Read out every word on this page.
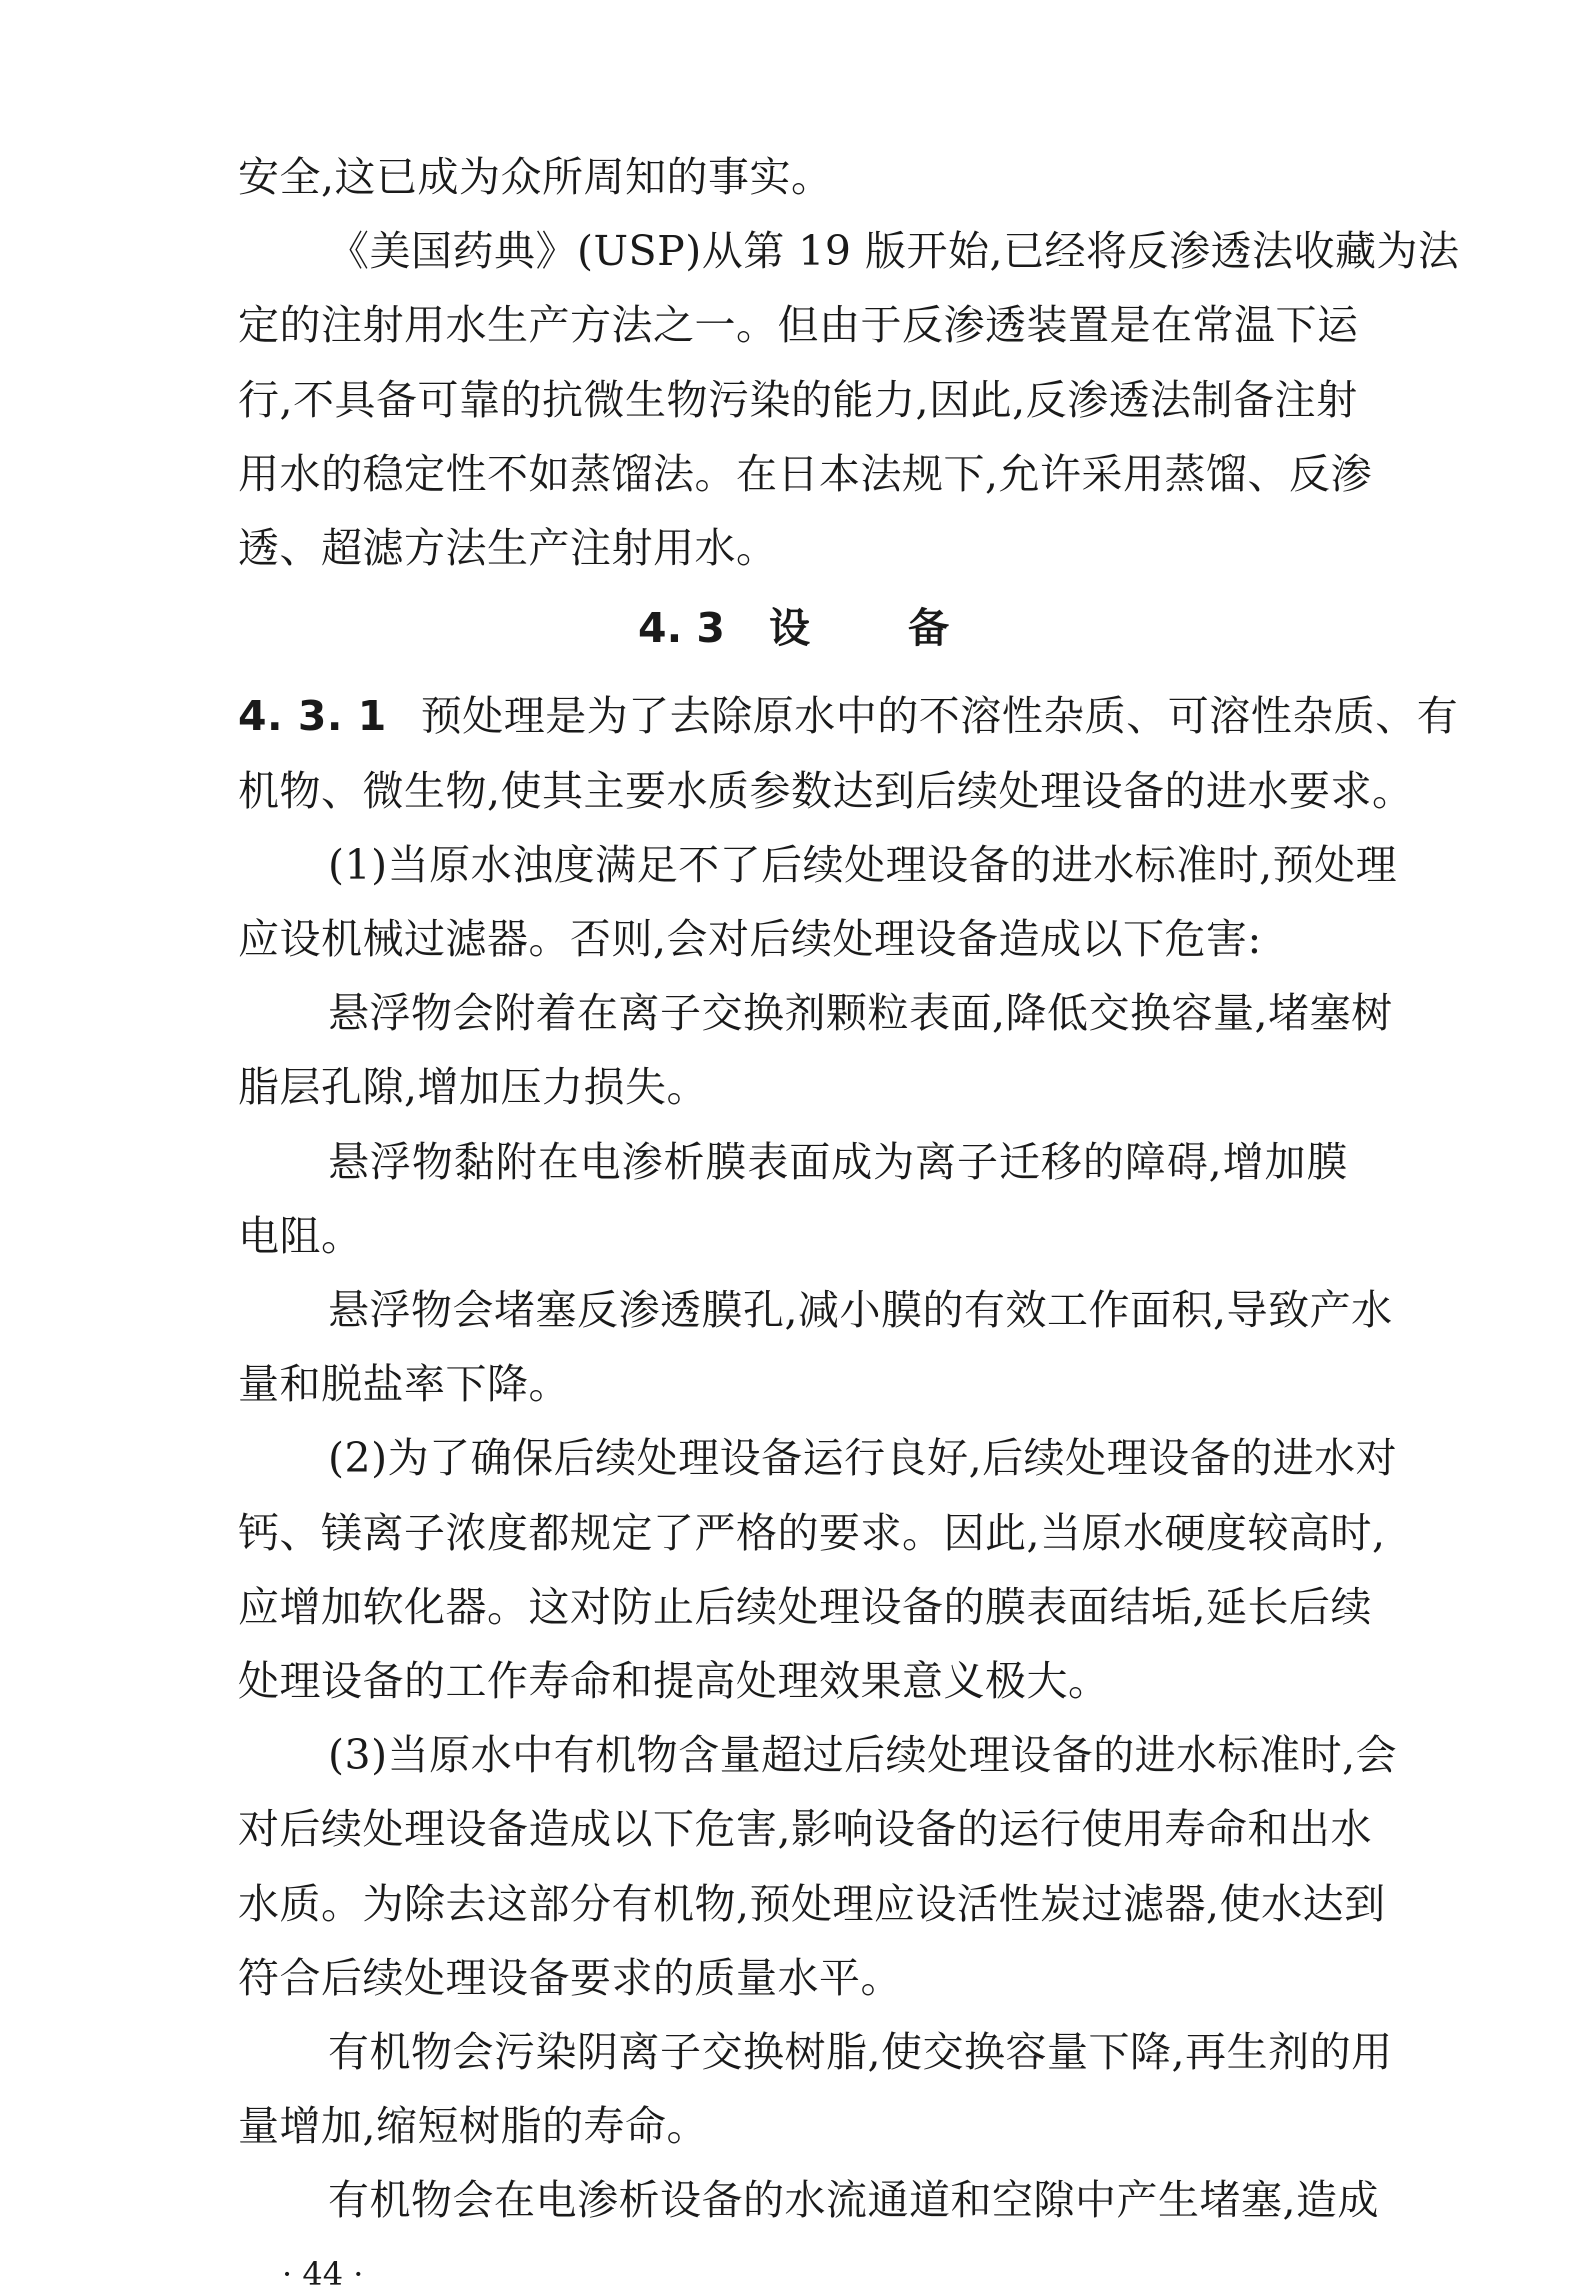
安全,这已成为众所周知的事实。
《美国药典》(USP)从第 19 版开始,已经将反渗透法收藏为法
定的注射用水生产方法之一。但由于反渗透装置是在常温下运
行,不具备可靠的抗微生物污染的能力,因此,反渗透法制备注射
用水的稳定性不如蒸馏法。在日本法规下,允许采用蒸馏、反渗
透、超滤方法生产注射用水。
4. 3 设 备
4. 3. 1 预处理是为了去除原水中的不溶性杂质、可溶性杂质、有
机物、微生物,使其主要水质参数达到后续处理设备的进水要求。
(1)当原水浊度满足不了后续处理设备的进水标准时,预处理
应设机械过滤器。否则,会对后续处理设备造成以下危害:
悬浮物会附着在离子交换剂颗粒表面,降低交换容量,堵塞树
脂层孔隙,增加压力损失。
悬浮物黏附在电渗析膜表面成为离子迁移的障碍,增加膜
电阻。
悬浮物会堵塞反渗透膜孔,减小膜的有效工作面积,导致产水
量和脱盐率下降。
(2)为了确保后续处理设备运行良好,后续处理设备的进水对
钙、镁离子浓度都规定了严格的要求。因此,当原水硬度较高时,
应增加软化器。这对防止后续处理设备的膜表面结垢,延长后续
处理设备的工作寿命和提高处理效果意义极大。
(3)当原水中有机物含量超过后续处理设备的进水标准时,会
对后续处理设备造成以下危害,影响设备的运行使用寿命和出水
水质。为除去这部分有机物,预处理应设活性炭过滤器,使水达到
符合后续处理设备要求的质量水平。
有机物会污染阴离子交换树脂,使交换容量下降,再生剂的用
量增加,缩短树脂的寿命。
有机物会在电渗析设备的水流通道和空隙中产生堵塞,造成
· 44 ·
